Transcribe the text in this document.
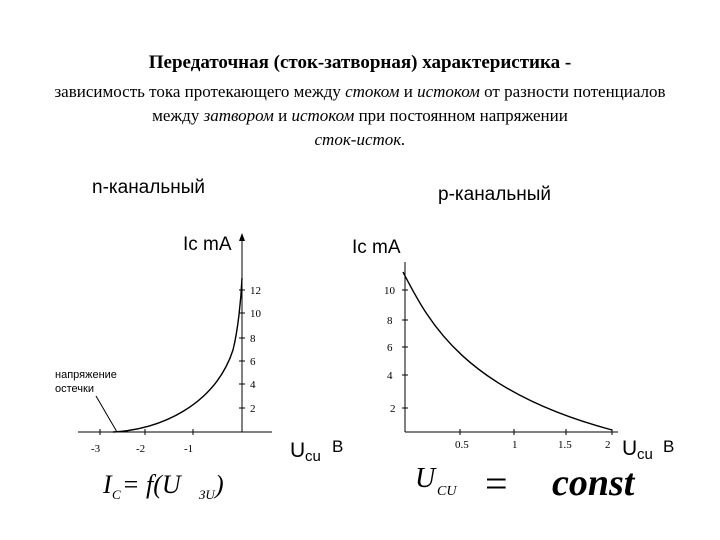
Передаточная (сток-затворная) характеристика -
зависимость тока протекающего между стоком и истоком от разности потенциалов между затвором и истоком при постоянном напряжении
сток-исток.
n-канальный
Ic mA
12
10
8
6
4
2
-3	-2	-1
напряжение
остечки
U cu
B
p-канальный
Ic mA
10
8
6
4
2
0.5	1	1.5	2 U cu B
I C = f(U ЗU )	U CU = const
